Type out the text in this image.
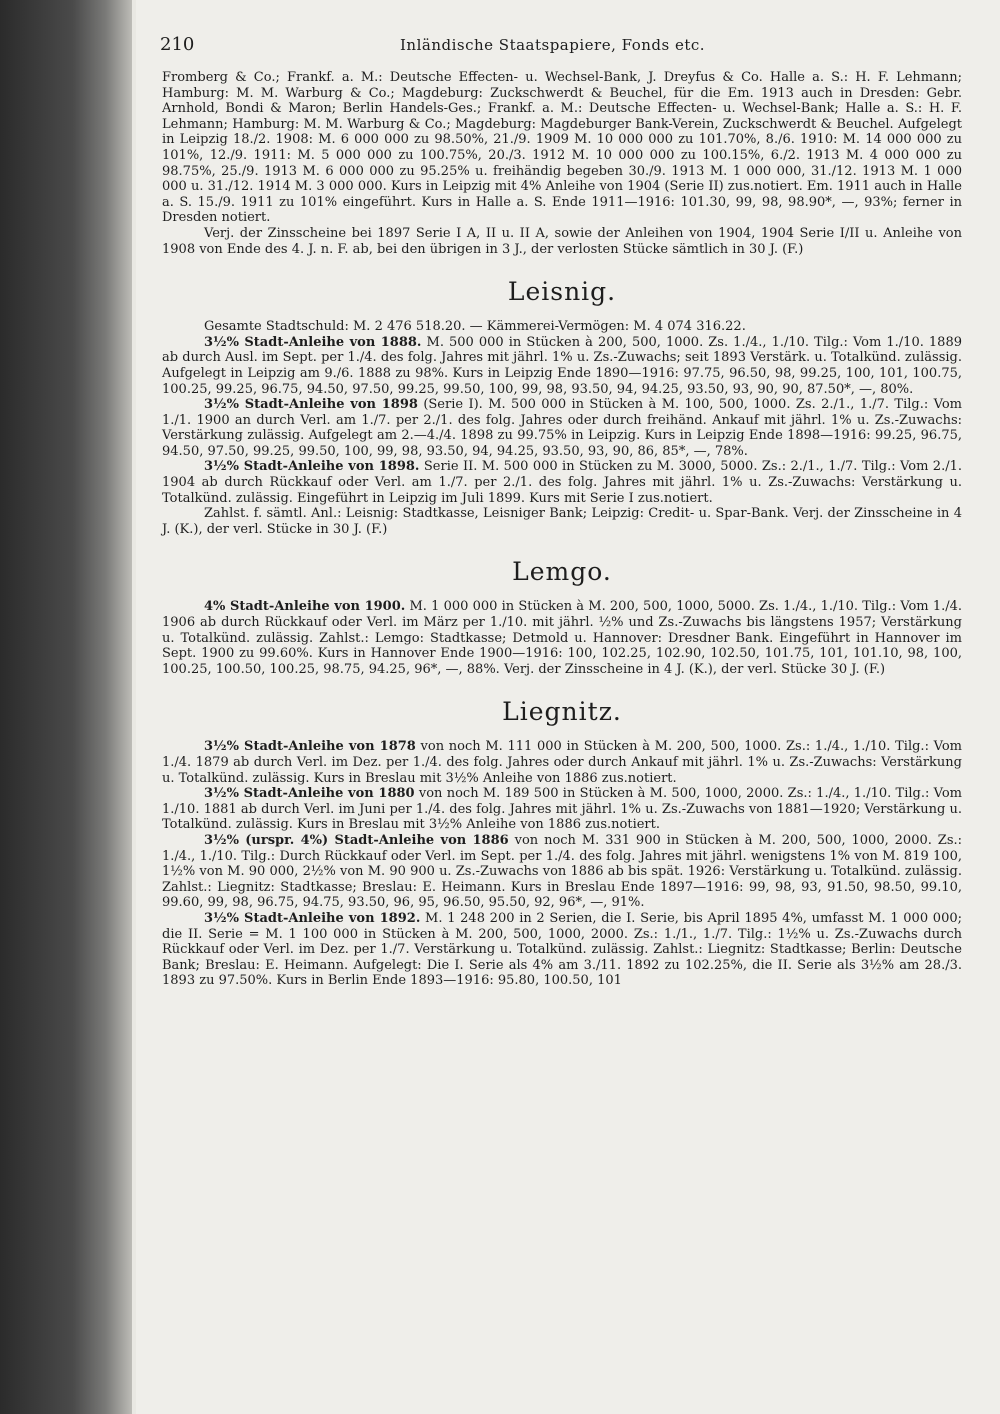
210	Inländische Staatspapiere, Fonds etc.

Fromberg & Co.; Frankf. a. M.: Deutsche Effecten- u. Wechsel-Bank, J. Dreyfus & Co. Halle a. S.: H. F. Lehmann; Hamburg: M. M. Warburg & Co.; Magdeburg: Zuckschwerdt & Beuchel, für die Em. 1913 auch in Dresden: Gebr. Arnhold, Bondi & Maron; Berlin Handels-Ges.; Frankf. a. M.: Deutsche Effecten- u. Wechsel-Bank; Halle a. S.: H. F. Lehmann; Hamburg: M. M. Warburg & Co.; Magdeburg: Magdeburger Bank-Verein, Zuckschwerdt & Beuchel. Aufgelegt in Leipzig 18./2. 1908: M. 6 000 000 zu 98.50%, 21./9. 1909 M. 10 000 000 zu 101.70%, 8./6. 1910: M. 14 000 000 zu 101%, 12./9. 1911: M. 5 000 000 zu 100.75%, 20./3. 1912 M. 10 000 000 zu 100.15%, 6./2. 1913 M. 4 000 000 zu 98.75%, 25./9. 1913 M. 6 000 000 zu 95.25% u. freihändig begeben 30./9. 1913 M. 1 000 000, 31./12. 1913 M. 1 000 000 u. 31./12. 1914 M. 3 000 000. Kurs in Leipzig mit 4% Anleihe von 1904 (Serie II) zus.notiert. Em. 1911 auch in Halle a. S. 15./9. 1911 zu 101% eingeführt. Kurs in Halle a. S. Ende 1911—1916: 101.30, 99, 98, 98.90*, —, 93%; ferner in Dresden notiert.

Verj. der Zinsscheine bei 1897 Serie I A, II u. II A, sowie der Anleihen von 1904, 1904 Serie I/II u. Anleihe von 1908 von Ende des 4. J. n. F. ab, bei den übrigen in 3 J., der verlosten Stücke sämtlich in 30 J. (F.)

Leisnig.

Gesamte Stadtschuld: M. 2 476 518.20. — Kämmerei-Vermögen: M. 4 074 316.22.

3½% Stadt-Anleihe von 1888. M. 500 000 in Stücken à 200, 500, 1000. Zs. 1./4., 1./10. Tilg.: Vom 1./10. 1889 ab durch Ausl. im Sept. per 1./4. des folg. Jahres mit jährl. 1% u. Zs.-Zuwachs; seit 1893 Verstärk. u. Totalkünd. zulässig. Aufgelegt in Leipzig am 9./6. 1888 zu 98%. Kurs in Leipzig Ende 1890—1916: 97.75, 96.50, 98, 99.25, 100, 101, 100.75, 100.25, 99.25, 96.75, 94.50, 97.50, 99.25, 99.50, 100, 99, 98, 93.50, 94, 94.25, 93.50, 93, 90, 90, 87.50*, —, 80%.

3½% Stadt-Anleihe von 1898 (Serie I). M. 500 000 in Stücken à M. 100, 500, 1000. Zs. 2./1., 1./7. Tilg.: Vom 1./1. 1900 an durch Verl. am 1./7. per 2./1. des folg. Jahres oder durch freihänd. Ankauf mit jährl. 1% u. Zs.-Zuwachs: Verstärkung zulässig. Aufgelegt am 2.—4./4. 1898 zu 99.75% in Leipzig. Kurs in Leipzig Ende 1898—1916: 99.25, 96.75, 94.50, 97.50, 99.25, 99.50, 100, 99, 98, 93.50, 94, 94.25, 93.50, 93, 90, 86, 85*, —, 78%.

3½% Stadt-Anleihe von 1898. Serie II. M. 500 000 in Stücken zu M. 3000, 5000. Zs.: 2./1., 1./7. Tilg.: Vom 2./1. 1904 ab durch Rückkauf oder Verl. am 1./7. per 2./1. des folg. Jahres mit jährl. 1% u. Zs.-Zuwachs: Verstärkung u. Totalkünd. zulässig. Eingeführt in Leipzig im Juli 1899. Kurs mit Serie I zus.notiert.

Zahlst. f. sämtl. Anl.: Leisnig: Stadtkasse, Leisniger Bank; Leipzig: Credit- u. Spar-Bank. Verj. der Zinsscheine in 4 J. (K.), der verl. Stücke in 30 J. (F.)

Lemgo.

4% Stadt-Anleihe von 1900. M. 1 000 000 in Stücken à M. 200, 500, 1000, 5000. Zs. 1./4., 1./10. Tilg.: Vom 1./4. 1906 ab durch Rückkauf oder Verl. im März per 1./10. mit jährl. ½% und Zs.-Zuwachs bis längstens 1957; Verstärkung u. Totalkünd. zulässig. Zahlst.: Lemgo: Stadtkasse; Detmold u. Hannover: Dresdner Bank. Eingeführt in Hannover im Sept. 1900 zu 99.60%. Kurs in Hannover Ende 1900—1916: 100, 102.25, 102.90, 102.50, 101.75, 101, 101.10, 98, 100, 100.25, 100.50, 100.25, 98.75, 94.25, 96*, —, 88%. Verj. der Zinsscheine in 4 J. (K.), der verl. Stücke 30 J. (F.)

Liegnitz.

3½% Stadt-Anleihe von 1878 von noch M. 111 000 in Stücken à M. 200, 500, 1000. Zs.: 1./4., 1./10. Tilg.: Vom 1./4. 1879 ab durch Verl. im Dez. per 1./4. des folg. Jahres oder durch Ankauf mit jährl. 1% u. Zs.-Zuwachs: Verstärkung u. Totalkünd. zulässig. Kurs in Breslau mit 3½% Anleihe von 1886 zus.notiert.

3½% Stadt-Anleihe von 1880 von noch M. 189 500 in Stücken à M. 500, 1000, 2000. Zs.: 1./4., 1./10. Tilg.: Vom 1./10. 1881 ab durch Verl. im Juni per 1./4. des folg. Jahres mit jährl. 1% u. Zs.-Zuwachs von 1881—1920; Verstärkung u. Totalkünd. zulässig. Kurs in Breslau mit 3½% Anleihe von 1886 zus.notiert.

3½% (urspr. 4%) Stadt-Anleihe von 1886 von noch M. 331 900 in Stücken à M. 200, 500, 1000, 2000. Zs.: 1./4., 1./10. Tilg.: Durch Rückkauf oder Verl. im Sept. per 1./4. des folg. Jahres mit jährl. wenigstens 1% von M. 819 100, 1½% von M. 90 000, 2½% von M. 90 900 u. Zs.-Zuwachs von 1886 ab bis spät. 1926: Verstärkung u. Totalkünd. zulässig. Zahlst.: Liegnitz: Stadtkasse; Breslau: E. Heimann. Kurs in Breslau Ende 1897—1916: 99, 98, 93, 91.50, 98.50, 99.10, 99.60, 99, 98, 96.75, 94.75, 93.50, 96, 95, 96.50, 95.50, 92, 96*, —, 91%.

3½% Stadt-Anleihe von 1892. M. 1 248 200 in 2 Serien, die I. Serie, bis April 1895 4%, umfasst M. 1 000 000; die II. Serie = M. 1 100 000 in Stücken à M. 200, 500, 1000, 2000. Zs.: 1./1., 1./7. Tilg.: 1½% u. Zs.-Zuwachs durch Rückkauf oder Verl. im Dez. per 1./7. Verstärkung u. Totalkünd. zulässig. Zahlst.: Liegnitz: Stadtkasse; Berlin: Deutsche Bank; Breslau: E. Heimann. Aufgelegt: Die I. Serie als 4% am 3./11. 1892 zu 102.25%, die II. Serie als 3½% am 28./3. 1893 zu 97.50%. Kurs in Berlin Ende 1893—1916: 95.80, 100.50, 101
